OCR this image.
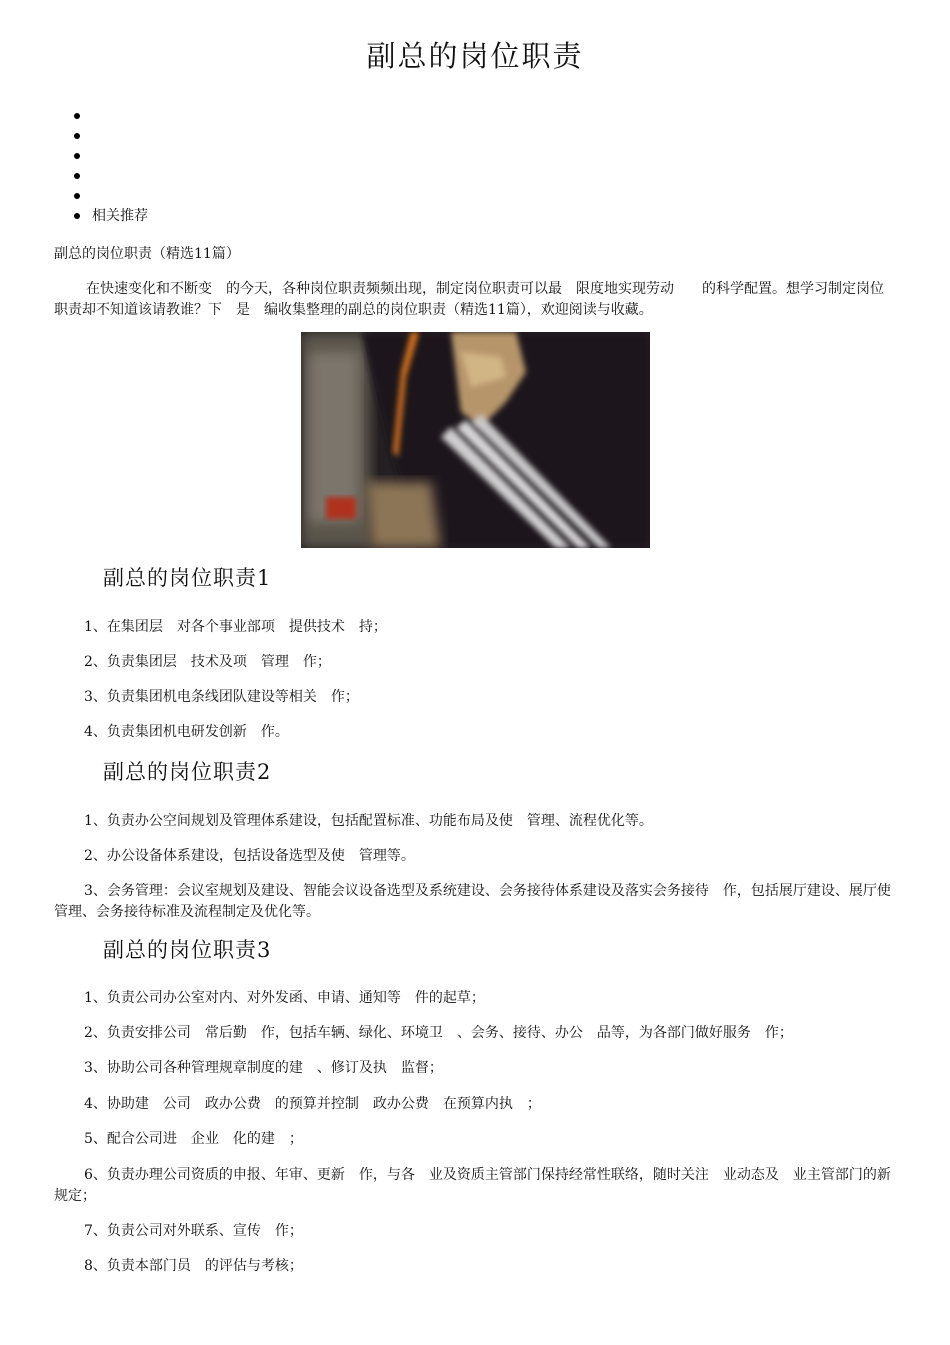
副总的岗位职责
相关推荐

副总的岗位职责（精选11篇）

在快速变化和不断变　的今天，各种岗位职责频频出现，制定岗位职责可以最　限度地实现劳动　　的科学配置。想学习制定岗位职责却不知道该请教谁？下　是　编收集整理的副总的岗位职责（精选11篇），欢迎阅读与收藏。

副总的岗位职责1

1、在集团层　对各个事业部项　提供技术　持；

2、负责集团层　技术及项　管理　作；

3、负责集团机电条线团队建设等相关　作；

4、负责集团机电研发创新　作。

副总的岗位职责2

1、负责办公空间规划及管理体系建设，包括配置标准、功能布局及使　管理、流程优化等。

2、办公设备体系建设，包括设备选型及使　管理等。

3、会务管理：会议室规划及建设、智能会议设备选型及系统建设、会务接待体系建设及落实会务接待　作，包括展厅建设、展厅使　管理、会务接待标准及流程制定及优化等。

副总的岗位职责3

1、负责公司办公室对内、对外发函、申请、通知等　件的起草；

2、负责安排公司　常后勤　作，包括车辆、绿化、环境卫　、会务、接待、办公　品等，为各部门做好服务　作；

3、协助公司各种管理规章制度的建　、修订及执　监督；

4、协助建　公司　政办公费　的预算并控制　政办公费　在预算内执　；

5、配合公司进　企业　化的建　；

6、负责办理公司资质的申报、年审、更新　作，与各　业及资质主管部门保持经常性联络，随时关注　业动态及　业主管部门的新规定；

7、负责公司对外联系、宣传　作；

8、负责本部门员　的评估与考核；
